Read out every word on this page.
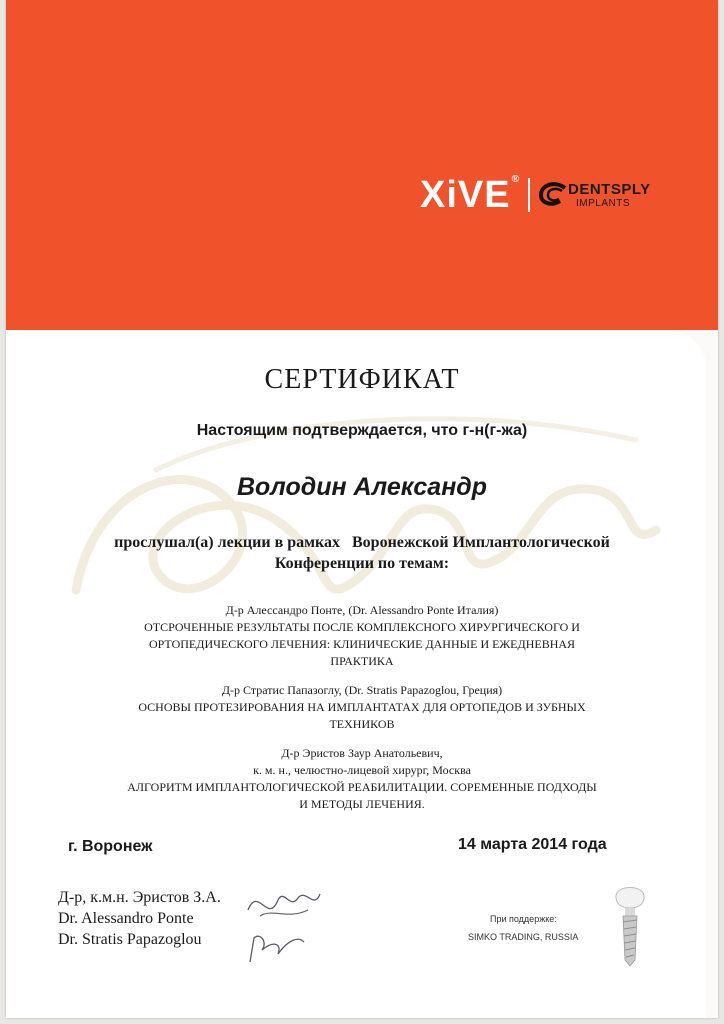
XiVE®
DENTSPLY
IMPLANTS
СЕРТИФИКАТ
Настоящим подтверждается, что г-н(г-жа)
Володин Александр
прослушал(а) лекции в рамках   Воронежской Имплантологической
Конференции по темам:
Д-р Алессандро Понте, (Dr. Alessandro Ponte Италия)
ОТСРОЧЕННЫЕ РЕЗУЛЬТАТЫ ПОСЛЕ КОМПЛЕКСНОГО ХИРУРГИЧЕСКОГО И
ОРТОПЕДИЧЕСКОГО ЛЕЧЕНИЯ: КЛИНИЧЕСКИЕ ДАННЫЕ И ЕЖЕДНЕВНАЯ
ПРАКТИКА
Д-р Стратис Папазоглу, (Dr. Stratis Papazoglou, Греция)
ОСНОВЫ ПРОТЕЗИРОВАНИЯ НА ИМПЛАНТАТАХ ДЛЯ ОРТОПЕДОВ И ЗУБНЫХ
ТЕХНИКОВ
Д-р Эристов Заур Анатольевич,
к. м. н., челюстно-лицевой хирург, Москва
АЛГОРИТМ ИМПЛАНТОЛОГИЧЕСКОЙ РЕАБИЛИТАЦИИ. СОРЕМЕННЫЕ ПОДХОДЫ
И МЕТОДЫ ЛЕЧЕНИЯ.
г. Воронеж	14 марта 2014 года
Д-р, к.м.н. Эристов З.А.
Dr. Alessandro Ponte
Dr. Stratis Papazoglou
При поддержке:
SIMKO TRADING, RUSSIA
